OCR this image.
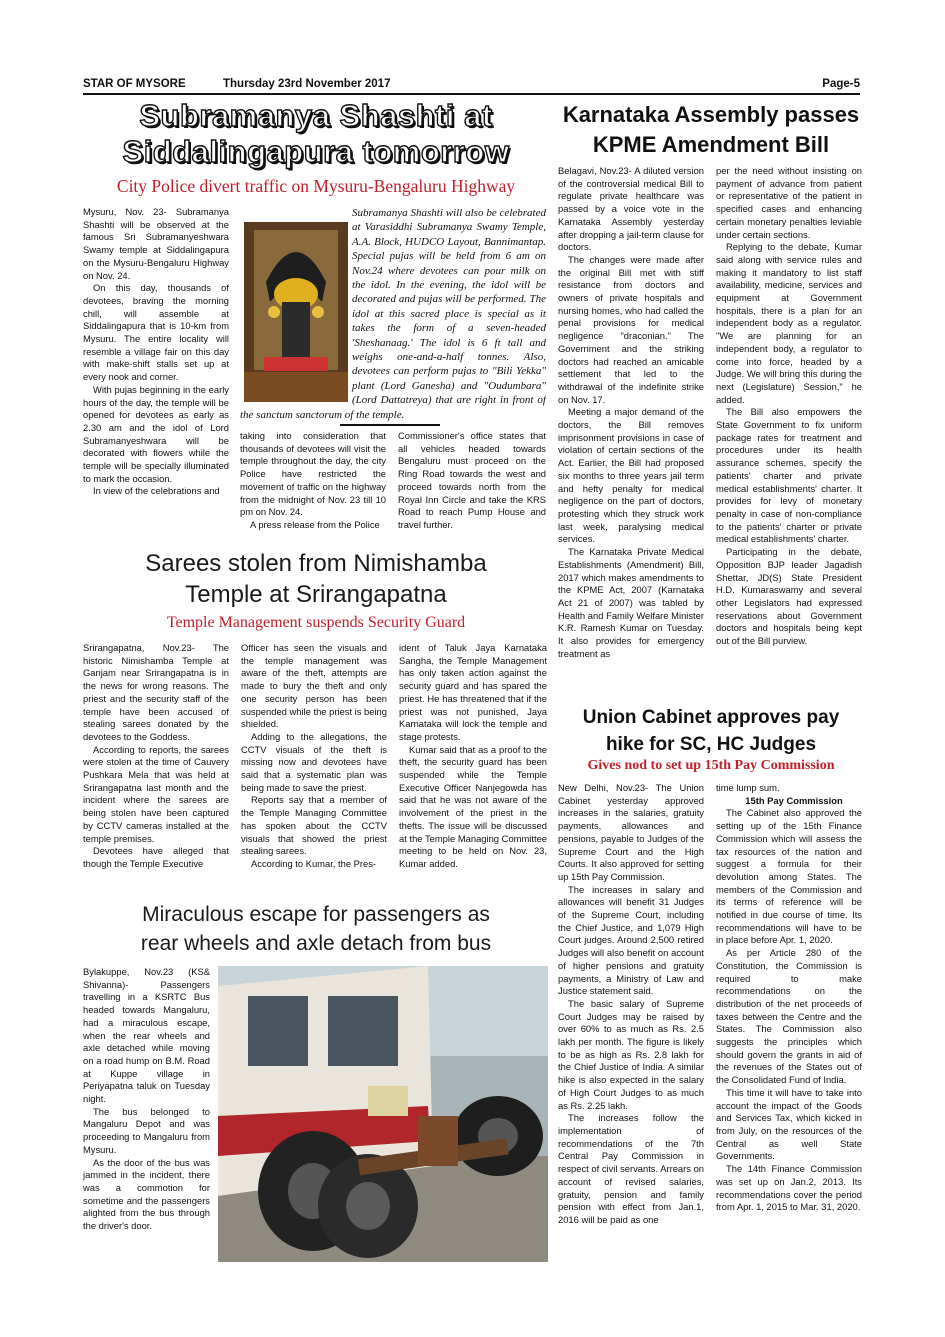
STAR OF MYSORE	Thursday 23rd November 2017	Page-5
Subramanya Shashti at
Siddalingapura tomorrow
City Police divert traffic on Mysuru-Bengaluru Highway

Mysuru, Nov. 23- Subramanya Shashti will be observed at the famous Sri Subramanyeshwara Swamy temple at Siddalingapura on the Mysuru-Bengaluru Highway on Nov. 24.

On this day, thousands of devotees, braving the morning chill, will assemble at Siddalingapura that is 10-km from Mysuru. The entire locality will resemble a village fair on this day with make-shift stalls set up at every nook and corner.

With pujas beginning in the early hours of the day, the temple will be opened for devotees as early as 2.30 am and the idol of Lord Subramanyeshwara will be decorated with flowers while the temple will be specially illuminated to mark the occasion.

In view of the celebrations and

Subramanya Shashti will also be celebrated at Varasiddhi Subramanya Swamy Temple, A.A. Block, HUDCO Layout, Bannimantap. Special pujas will be held from 6 am on Nov.24 where devotees can pour milk on the idol. In the evening, the idol will be decorated and pujas will be performed. The idol at this sacred place is special as it takes the form of a seven-headed 'Sheshanaag.' The idol is 6 ft tall and weighs one-and-a-half tonnes. Also, devotees can perform pujas to "Bili Yekka" plant (Lord Ganesha) and "Oudumbara" (Lord Dattatreya) that are right in front of the sanctum sanctorum of the temple.

taking into consideration that thousands of devotees will visit the temple throughout the day, the city Police have restricted the movement of traffic on the highway from the midnight of Nov. 23 till 10 pm on Nov. 24.

A press release from the Police

Commissioner's office states that all vehicles headed towards Bengaluru must proceed on the Ring Road towards the west and proceed towards north from the Royal Inn Circle and take the KRS Road to reach Pump House and travel further.

Karnataka Assembly passes
KPME Amendment Bill

Belagavi, Nov.23- A diluted version of the controversial medical Bill to regulate private healthcare was passed by a voice vote in the Karnataka Assembly yesterday after dropping a jail-term clause for doctors.

The changes were made after the original Bill met with stiff resistance from doctors and owners of private hospitals and nursing homes, who had called the penal provisions for medical negligence "draconian." The Government and the striking doctors had reached an amicable settlement that led to the withdrawal of the indefinite strike on Nov. 17.

Meeting a major demand of the doctors, the Bill removes imprisonment provisions in case of violation of certain sections of the Act. Earlier, the Bill had proposed six months to three years jail term and hefty penalty for medical negligence on the part of doctors, protesting which they struck work last week, paralysing medical services.

The Karnataka Private Medical Establishments (Amendment) Bill, 2017 which makes amendments to the KPME Act, 2007 (Karnataka Act 21 of 2007) was tabled by Health and Family Welfare Minister K.R. Ramesh Kumar on Tuesday. It also provides for emergency treatment as

per the need without insisting on payment of advance from patient or representative of the patient in specified cases and enhancing certain monetary penalties leviable under certain sections.

Replying to the debate, Kumar said along with service rules and making it mandatory to list staff availability, medicine, services and equipment at Government hospitals, there is a plan for an independent body as a regulator. "We are planning for an independent body, a regulator to come into force, headed by a Judge. We will bring this during the next (Legislature) Session," he added.

The Bill also empowers the State Government to fix uniform package rates for treatment and procedures under its health assurance schemes, specify the patients' charter and private medical establishments' charter. It provides for levy of monetary penalty in case of non-compliance to the patients' charter or private medical establishments' charter.

Participating in the debate, Opposition BJP leader Jagadish Shettar, JD(S) State President H.D. Kumaraswamy and several other Legislators had expressed reservations about Government doctors and hospitals being kept out of the Bill purview.

Sarees stolen from Nimishamba
Temple at Srirangapatna
Temple Management suspends Security Guard

Srirangapatna, Nov.23- The historic Nimishamba Temple at Ganjam near Srirangapatna is in the news for wrong reasons. The priest and the security staff of the temple have been accused of stealing sarees donated by the devotees to the Goddess.

According to reports, the sarees were stolen at the time of Cauvery Pushkara Mela that was held at Srirangapatna last month and the incident where the sarees are being stolen have been captured by CCTV cameras installed at the temple premises.

Devotees have alleged that though the Temple Executive

Officer has seen the visuals and the temple management was aware of the theft, attempts are made to bury the theft and only one security person has been suspended while the priest is being shielded.

Adding to the allegations, the CCTV visuals of the theft is missing now and devotees have said that a systematic plan was being made to save the priest.

Reports say that a member of the Temple Managing Committee has spoken about the CCTV visuals that showed the priest stealing sarees.

According to Kumar, the Pres-

ident of Taluk Jaya Karnataka Sangha, the Temple Management has only taken action against the security guard and has spared the priest. He has threatened that if the priest was not punished, Jaya Karnataka will lock the temple and stage protests.

Kumar said that as a proof to the theft, the security guard has been suspended while the Temple Executive Officer Nanjegowda has said that he was not aware of the involvement of the priest in the thefts. The issue will be discussed at the Temple Managing Committee meeting to be held on Nov. 23, Kumar added.

Union Cabinet approves pay
hike for SC, HC Judges
Gives nod to set up 15th Pay Commission

New Delhi, Nov.23- The Union Cabinet yesterday approved increases in the salaries, gratuity payments, allowances and pensions, payable to Judges of the Supreme Court and the High Courts. It also approved for setting up 15th Pay Commission.

The increases in salary and allowances will benefit 31 Judges of the Supreme Court, including the Chief Justice, and 1,079 High Court judges. Around 2,500 retired Judges will also benefit on account of higher pensions and gratuity payments, a Ministry of Law and Justice statement said.

The basic salary of Supreme Court Judges may be raised by over 60% to as much as Rs. 2.5 lakh per month. The figure is likely to be as high as Rs. 2.8 lakh for the Chief Justice of India. A similar hike is also expected in the salary of High Court Judges to as much as Rs. 2.25 lakh.

The increases follow the implementation of recommendations of the 7th Central Pay Commission in respect of civil servants. Arrears on account of revised salaries, gratuity, pension and family pension with effect from Jan.1, 2016 will be paid as one

time lump sum.

15th Pay Commission

The Cabinet also approved the setting up of the 15th Finance Commission which will assess the tax resources of the nation and suggest a formula for their devolution among States. The members of the Commission and its terms of reference will be notified in due course of time. Its recommendations will have to be in place before Apr. 1, 2020.

As per Article 280 of the Constitution, the Commission is required to make recommendations on the distribution of the net proceeds of taxes between the Centre and the States. The Commission also suggests the principles which should govern the grants in aid of the revenues of the States out of the Consolidated Fund of India.

This time it will have to take into account the impact of the Goods and Services Tax, which kicked in from July, on the resources of the Central as well State Governments.

The 14th Finance Commission was set up on Jan.2, 2013. Its recommendations cover the period from Apr. 1, 2015 to Mar. 31, 2020.

Miraculous escape for passengers as
rear wheels and axle detach from bus

Bylakuppe, Nov.23 (KS& Shivanna)- Passengers travelling in a KSRTC Bus headed towards Mangaluru, had a miraculous escape, when the rear wheels and axle detached while moving on a road hump on B.M. Road at Kuppe village in Periyapatna taluk on Tuesday night.

The bus belonged to Mangaluru Depot and was proceeding to Mangaluru from Mysuru.

As the door of the bus was jammed in the incident, there was a commotion for sometime and the passengers alighted from the bus through the driver's door.
